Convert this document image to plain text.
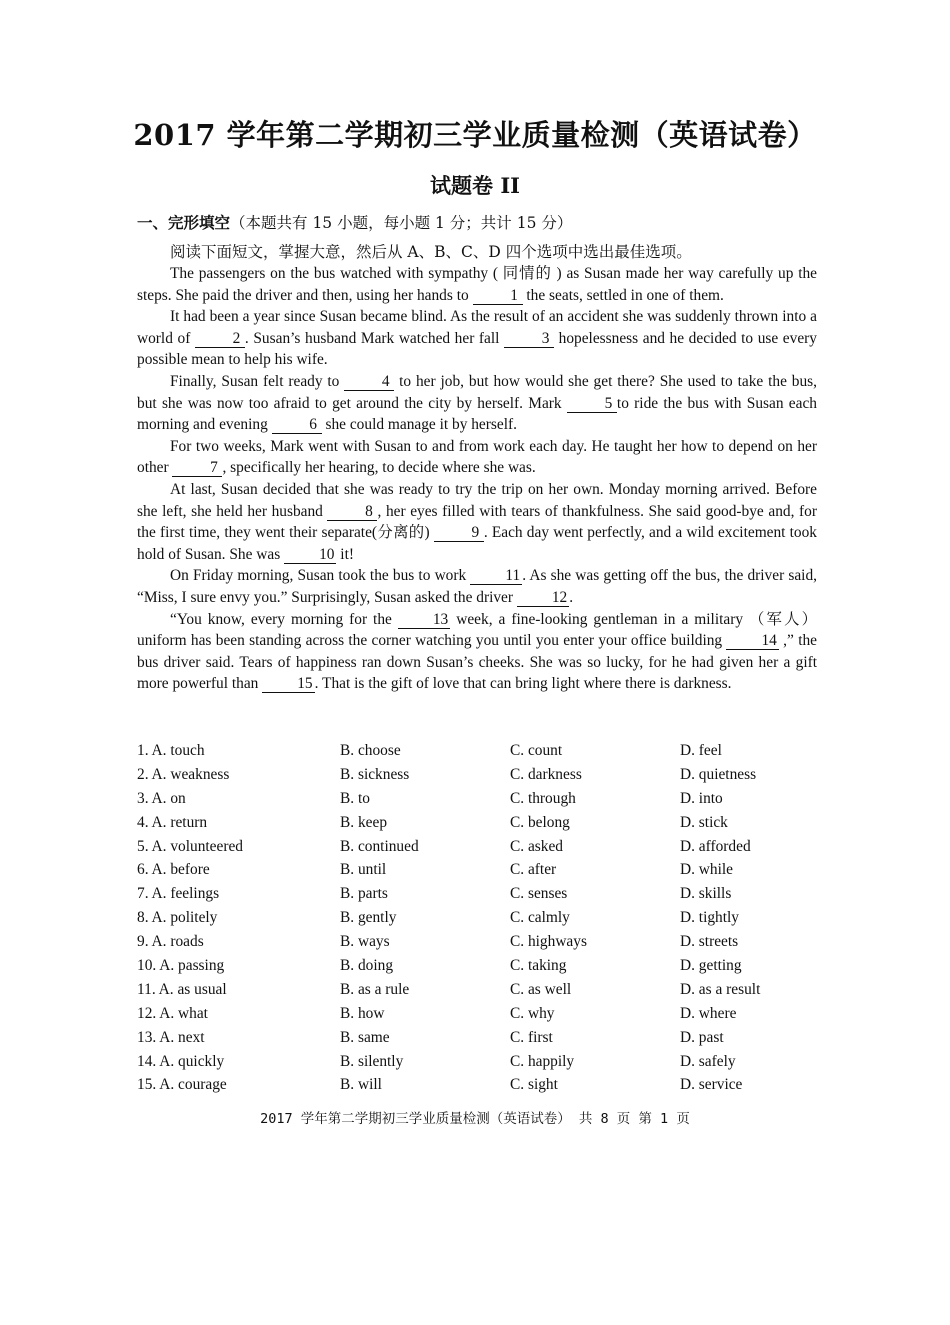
2017 学年第二学期初三学业质量检测（英语试卷）
试题卷 II
一、完形填空（本题共有 15 小题，每小题 1 分；共计 15 分）
阅读下面短文，掌握大意，然后从 A、B、C、D 四个选项中选出最佳选项。

The passengers on the bus watched with sympathy ( 同情的 ) as Susan made her way carefully up the steps. She paid the driver and then, using her hands to 1 the seats, settled in one of them.

It had been a year since Susan became blind. As the result of an accident she was suddenly thrown into a world of 2 . Susan’s husband Mark watched her fall 3 hopelessness and he decided to use every possible mean to help his wife.

Finally, Susan felt ready to 4 to her job, but how would she get there? She used to take the bus, but she was now too afraid to get around the city by herself. Mark 5 to ride the bus with Susan each morning and evening 6 she could manage it by herself.

For two weeks, Mark went with Susan to and from work each day. He taught her how to depend on her other 7 , specifically her hearing, to decide where she was.

At last, Susan decided that she was ready to try the trip on her own. Monday morning arrived. Before she left, she held her husband 8 , her eyes filled with tears of thankfulness. She said good-bye and, for the first time, they went their separate(分离的) 9 . Each day went perfectly, and a wild excitement took hold of Susan. She was 10 it!

On Friday morning, Susan took the bus to work 11 . As she was getting off the bus, the driver said, “Miss, I sure envy you.” Surprisingly, Susan asked the driver 12 .

“You know, every morning for the 13 week, a fine-looking gentleman in a military （军人） uniform has been standing across the corner watching you until you enter your office building 14 ,” the bus driver said. Tears of happiness ran down Susan’s cheeks. She was so lucky, for he had given her a gift more powerful than 15 . That is the gift of love that can bring light where there is darkness.

1. A. touch	B. choose	C. count	D. feel
2. A. weakness	B. sickness	C. darkness	D. quietness
3. A. on	B. to	C. through	D. into
4. A. return	B. keep	C. belong	D. stick
5. A. volunteered	B. continued	C. asked	D. afforded
6. A. before	B. until	C. after	D. while
7. A. feelings	B. parts	C. senses	D. skills
8. A. politely	B. gently	C. calmly	D. tightly
9. A. roads	B. ways	C. highways	D. streets
10. A. passing	B. doing	C. taking	D. getting
11. A. as usual	B. as a rule	C. as well	D. as a result
12. A. what	B. how	C. why	D. where
13. A. next	B. same	C. first	D. past
14. A. quickly	B. silently	C. happily	D. safely
15. A. courage	B. will	C. sight	D. service
2017 学年第二学期初三学业质量检测（英语试卷） 共 8 页 第 1 页
